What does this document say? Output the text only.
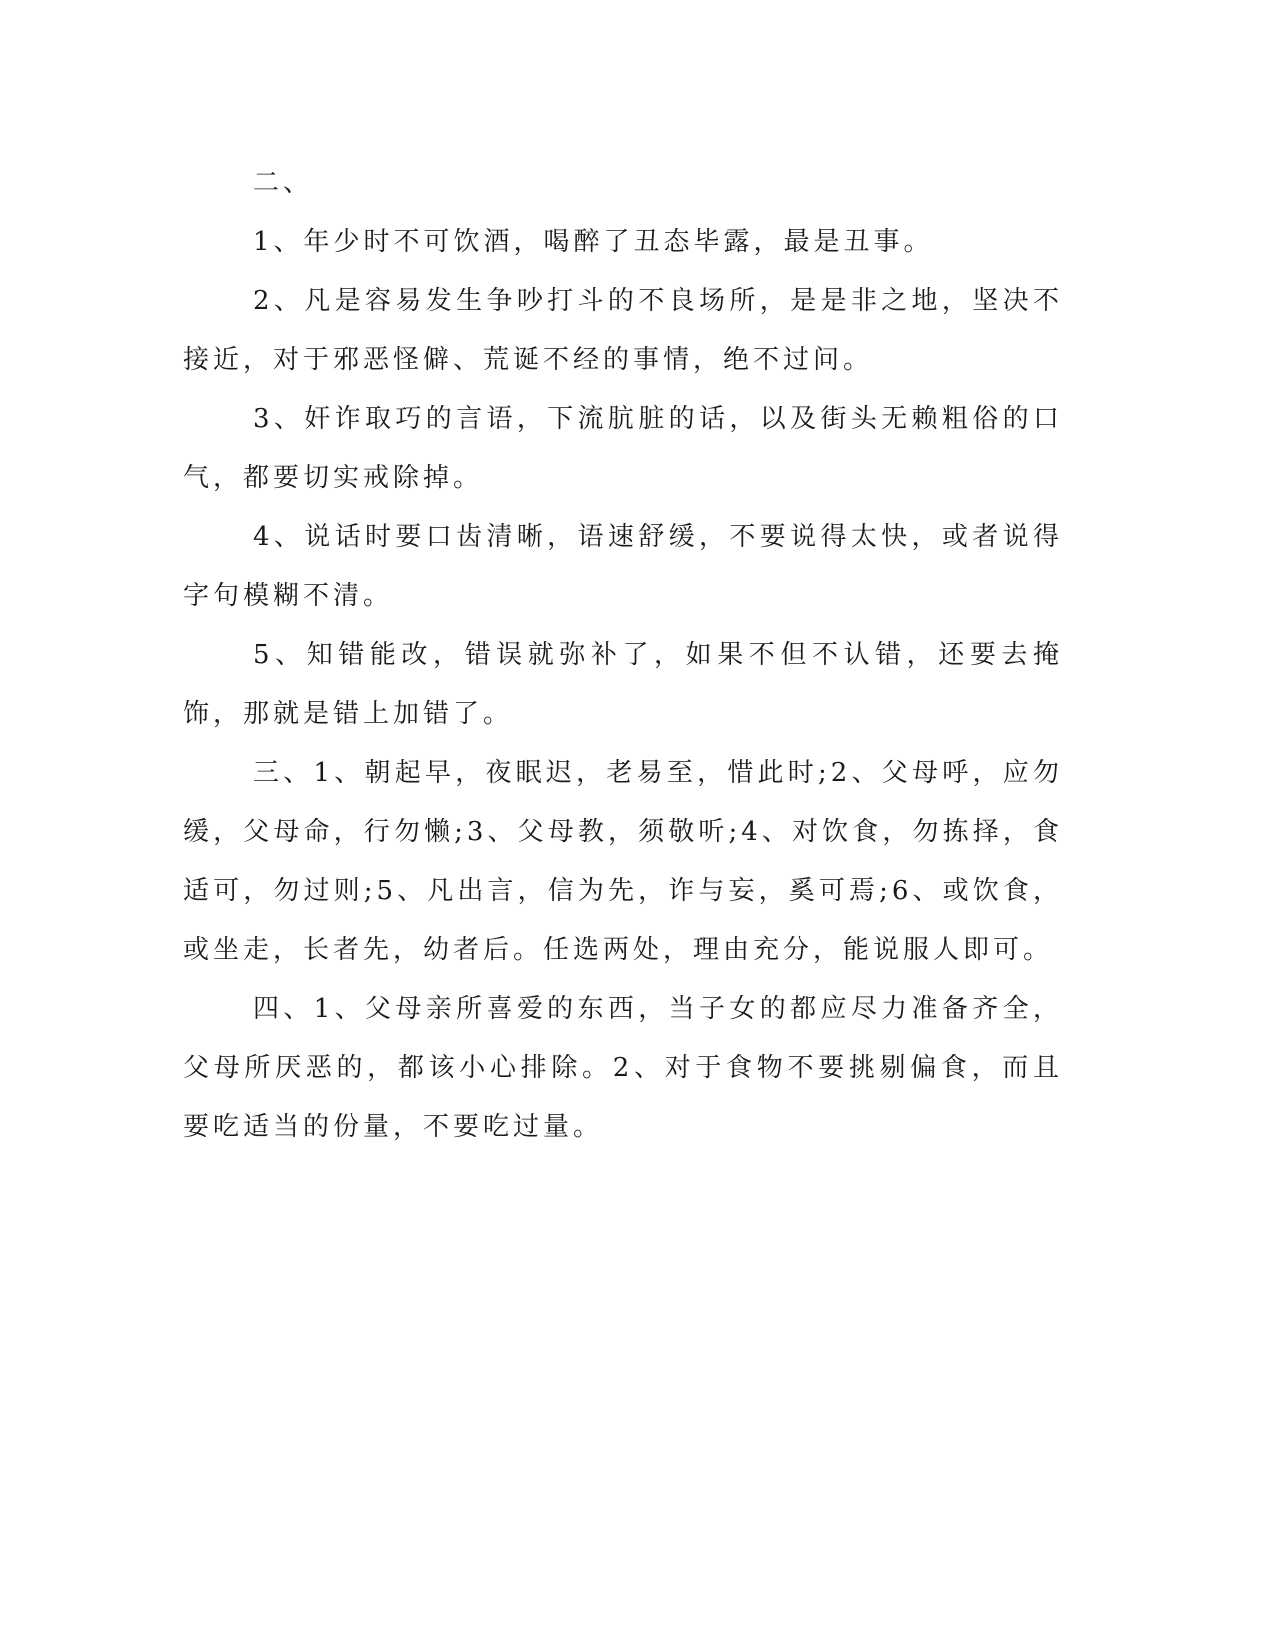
二、

1、年少时不可饮酒，喝醉了丑态毕露，最是丑事。

2、凡是容易发生争吵打斗的不良场所，是是非之地，坚决不接近，对于邪恶怪僻、荒诞不经的事情，绝不过问。

3、奸诈取巧的言语，下流肮脏的话，以及街头无赖粗俗的口气，都要切实戒除掉。

4、说话时要口齿清晰，语速舒缓，不要说得太快，或者说得字句模糊不清。

5、知错能改，错误就弥补了，如果不但不认错，还要去掩饰，那就是错上加错了。

三、1、朝起早，夜眠迟，老易至，惜此时;2、父母呼，应勿缓，父母命，行勿懒;3、父母教，须敬听;4、对饮食，勿拣择，食适可，勿过则;5、凡出言，信为先，诈与妄，奚可焉;6、或饮食，或坐走，长者先，幼者后。任选两处，理由充分，能说服人即可。

四、1、父母亲所喜爱的东西，当子女的都应尽力准备齐全，父母所厌恶的，都该小心排除。2、对于食物不要挑剔偏食，而且要吃适当的份量，不要吃过量。
